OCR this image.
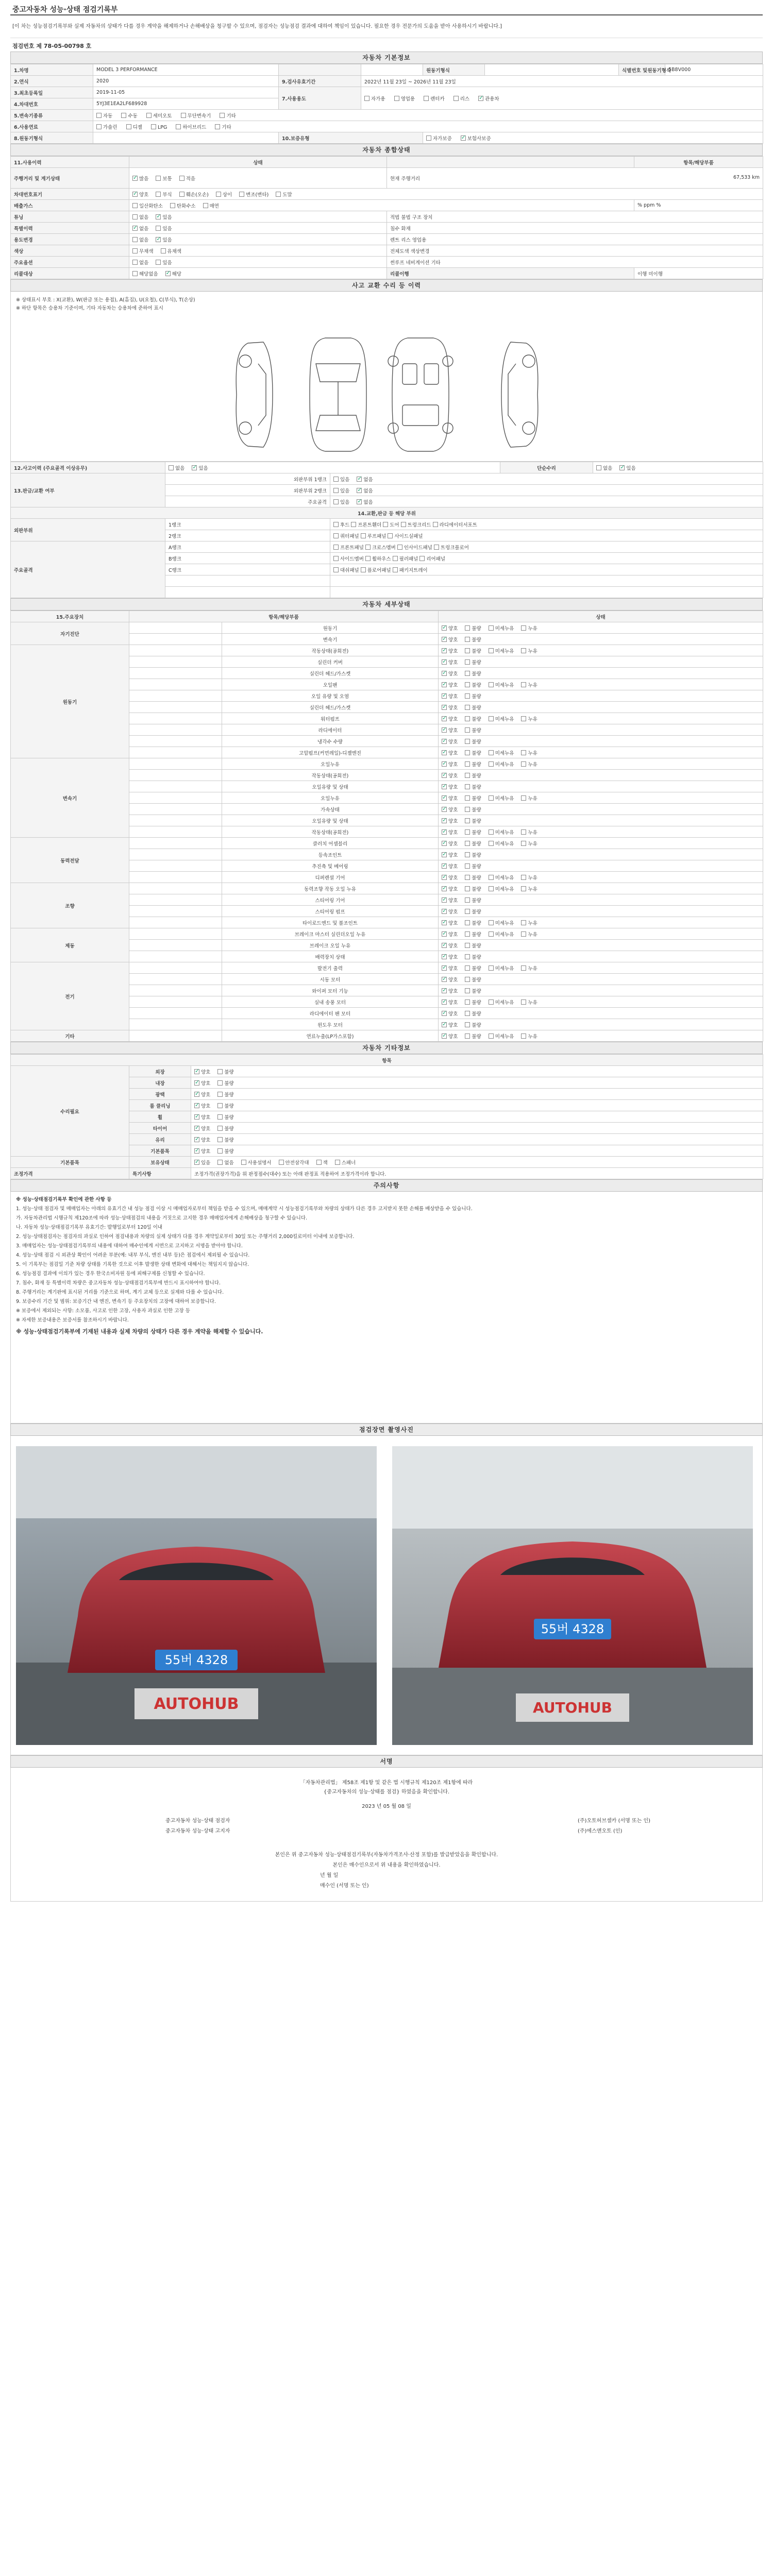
중고자동차 성능·상태 점검기록부
[이 차는 성능점검기록부와 실제 자동차의 상태가 다를 경우 계약을 해제하거나 손해배상을 청구할 수 있으며, 점검자는 성능점검 결과에 대하여 책임이 있습니다. 필요한 경우 전문가의 도움을 받아 사용하시기 바랍니다.]
점검번호 제 78-05-00798 호
자동차 기본정보
1.차명	MODEL 3 PERFORMANCE			원동기형식		식별번호 및원동기형식	5B8V000
2.연식	2020	9.검사유효기간	2022년 11월 23일 ~ 2026년 11월 23일				
3.최초등록일	2019-11-05	7.사용용도	자가용 영업용 렌터카 리스 ✓ 관용차
4.차대번호	5YJ3E1EA2LF689928						
5.변속기종류	자동 수동 세미오토 무단변속기 기타						
6.사용연료	가솔린 디젤 LPG 하이브리드 기타						
8.원동기형식		10.보증유형		자가보증 ✓ 보험사보증
자동차 종합상태
11.사용이력	상태		항목/해당부품
주행거리 및 계기상태	✓많음 보통 적음	현재 주행거리 67,533 km	

차대번호표기	✓양호 부식 훼손(오손) 상이 변조(변타) 도말
배출가스	일산화탄소 탄화수소 매연		% ppm %
튜닝	없음 ✓ 있음	적법 불법 구조 장치	
특별이력	✓없음 있음	침수 화재	
용도변경	없음 ✓ 있음	렌트 리스 영업용	
색상	무채색 유채색	전체도색 색상변경	
주요옵션	없음 있음	썬루프 네비게이션 기타	
리콜대상	해당없음 ✓ 해당	리콜이행	이행 미이행
사고 교환 수리 등 이력
※ 상태표시 부호 : X(교환), W(판금 또는 용접), A(흠집), U(요철), C(부식), T(손상)
※ 하단 항목은 승용차 기준이며, 기타 자동차는 승용차에 준하여 표시
12.사고이력 (주요골격 이상유무)	없음 ✓ 있음		단순수리	없음 ✓ 있음
13.판금/교환 여부	외판부위 1랭크	있음 ✓ 없음
	외판부위 2랭크	있음 ✓ 없음
	주요골격	있음 ✓ 없음
14.교환,판금 등 해당 부위				
외판부위	1랭크	후드 프론트휀더 도어 트렁크리드 라디에이터서포트		
	2랭크	쿼터패널 루프패널 사이드실패널		
주요골격	A랭크	프론트패널 크로스멤버 인사이드패널 트렁크플로어		
	B랭크	사이드멤버 휠하우스 필러패널 리어패널		
	C랭크	대쉬패널 플로어패널 패키지트레이		

자동차 세부상태
15.주요장치	항목/해당부품		상태
자기진단		원동기	✓양호 불량 미세누유 누유
		변속기	✓양호 불량
원동기		작동상태(공회전)	✓양호 불량 미세누유 누유
		실린더 커버	✓양호 불량
		실린더 헤드/가스켓	✓양호 불량
		오일팬	✓양호 불량 미세누유 누유
		오일 유량 및 오염	✓양호 불량
		실린더 헤드/가스켓	✓양호 불량
		워터펌프	✓양호 불량 미세누유 누유
		라디에이터	✓양호 불량
		냉각수 수량	✓양호 불량
		고압펌프(커먼레일)-디젤엔진	✓양호 불량 미세누유 누유
변속기		오일누유	✓양호 불량 미세누유 누유
		작동상태(공회전)	✓양호 불량
		오일유량 및 상태	✓양호 불량
		오일누유	✓양호 불량 미세누유 누유
		가속상태	✓양호 불량
		오일유량 및 상태	✓양호 불량
		작동상태(공회전)	✓양호 불량 미세누유 누유
동력전달		클러치 어셈블리	✓양호 불량 미세누유 누유
		등속조인트	✓양호 불량
		추진축 및 베어링	✓양호 불량
		디퍼렌셜 기어	✓양호 불량 미세누유 누유
조향		동력조향 작동 오일 누유	✓양호 불량 미세누유 누유
		스티어링 기어	✓양호 불량
		스티어링 펌프	✓양호 불량
		타이로드엔드 및 볼조인트	✓양호 불량 미세누유 누유
제동		브레이크 마스터 실린더오일 누유	✓양호 불량 미세누유 누유
		브레이크 오일 누유	✓양호 불량
		배력장치 상태	✓양호 불량
전기		발전기 출력	✓양호 불량 미세누유 누유
		시동 모터	✓양호 불량
		와이퍼 모터 기능	✓양호 불량
		실내 송풍 모터	✓양호 불량 미세누유 누유
		라디에이터 팬 모터	✓양호 불량
		윈도우 모터	✓양호 불량
기타		연료누출(LP가스포함)	✓양호 불량 미세누유 누유
자동차 기타정보
항목		
수리필요	외장	✓양호 불량
	내장	✓양호 불량
	광택	✓양호 불량
	룸 클리닝	✓양호 불량
	휠	✓양호 불량
	타이어	✓양호 불량
	유리	✓양호 불량
	기본품목	✓양호 불량
기본품목	보유상태	✓있음 없음 사용설명서 안전삼각대 잭 스패너
조정가격	특기사항	조정가격(권장가격)을 위 판정점수(대수) 또는 아래 판정표 적용하여 조정가격이라 합니다.
주의사항

※ 성능·상태점검기록부 확인에 관한 사항 등

1. 성능·상태 점검자 및 매매업자는 아래의 유효기간 내 성능 점검 이상 시 매매업자로부터 책임을 받을 수 있으며, 매매계약 시 성능점검기록부와 차량의 상태가 다른 경우 고지받지 못한 손해를 배상받을 수 있습니다.

가. 자동차관리법 시행규칙 제120조에 따라 성능·상태점검의 내용을 거짓으로 고지한 경우 매매업자에게 손해배상을 청구할 수 있습니다.

나. 자동차 성능·상태점검기록부 유효기간: 발행일로부터 120일 이내

2. 성능·상태점검자는 점검자의 과실로 인하여 점검내용과 차량의 실제 상태가 다를 경우 계약일로부터 30일 또는 주행거리 2,000킬로미터 이내에 보증합니다.

3. 매매업자는 성능·상태점검기록부의 내용에 대하여 매수인에게 서면으로 고지하고 서명을 받아야 합니다.

4. 성능·상태 점검 시 외관상 확인이 어려운 부분(예: 내부 부식, 엔진 내부 등)은 점검에서 제외될 수 있습니다.

5. 이 기록부는 점검일 기준 차량 상태를 기록한 것으로 이후 발생한 상태 변화에 대해서는 책임지지 않습니다.

6. 성능점검 결과에 이의가 있는 경우 한국소비자원 등에 피해구제를 신청할 수 있습니다.

7. 침수, 화재 등 특별이력 차량은 중고자동차 성능·상태점검기록부에 반드시 표시하여야 합니다.

8. 주행거리는 계기판에 표시된 거리를 기준으로 하며, 계기 교체 등으로 실제와 다를 수 있습니다.

9. 보증수리 기간 및 범위: 보증기간 내 엔진, 변속기 등 주요장치의 고장에 대하여 보증합니다.

※ 보증에서 제외되는 사항: 소모품, 사고로 인한 고장, 사용자 과실로 인한 고장 등

※ 자세한 보증내용은 보증서를 참조하시기 바랍니다.

※ 성능·상태점검기록부에 기재된 내용과 실제 차량의 상태가 다른 경우 계약을 해제할 수 있습니다.

점검장면 촬영사진
55버 4328
AUTOHUB
55버 4328
AUTOHUB
서명
「자동차관리법」 제58조 제1항 및 같은 법 시행규칙 제120조 제1항에 따라
{중고자동차의 성능·상태를 점검} 하였음을 확인합니다.
2023 년 05 월 08 일
중고자동차 성능·상태 점검자	(주)오토허브셀카 (서명 또는 인)
중고자동차 성능·상태 고지자	(주)에스앤오토 (인)
본인은 위 중고자동차 성능·상태점검기록부(자동차가격조사·산정 포함)를 발급받았음을 확인합니다.
본인은 매수인으로서 위 내용을 확인하였습니다.
년 월 일
매수인 (서명 또는 인)
